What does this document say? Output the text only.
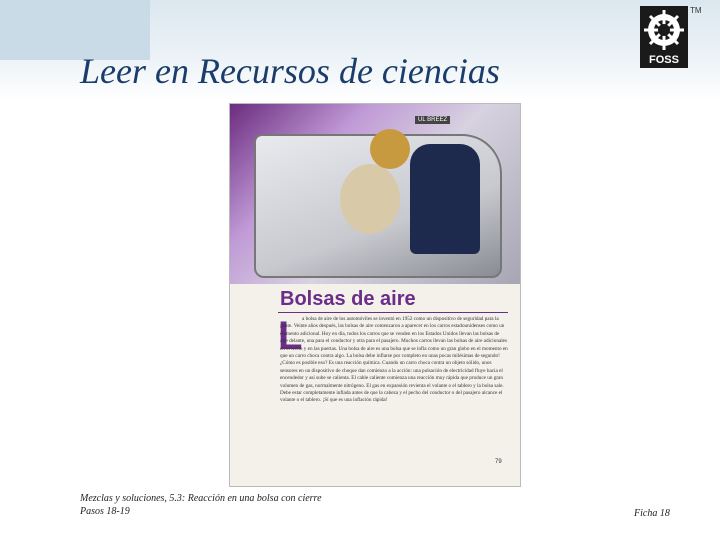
Leer en Recursos de ciencias	FOSS
TM
UL BREEZ
Bolsas de aire
L a bolsa de aire de los automóviles se inventó en 1952 como un dispositivo de seguridad para la gente. Veinte años después, las bolsas de aire comenzaron a aparecer en los carros estadounidenses como un elemento adicional. Hoy en día, todos los carros que se venden en los Estados Unidos llevan las bolsas de aire delante, una para el conductor y otra para el pasajero. Muchos carros llevan las bolsas de aire adicionales en el techo y en las puertas. Una bolsa de aire es una bolsa que se infla como un gran globo en el momento en que un carro choca contra algo. La bolsa debe inflarse por completo en unas pocas milésimas de segundo! ¿Cómo es posible eso? Es una reacción química. Cuando un carro choca contra un objeto sólido, unos sensores en un dispositivo de choque dan comienzo a la acción: una pulsación de electricidad fluye hacia el encendedor y así sube se calienta. El cable caliente comienza una reacción muy rápida que produce un gran volumen de gas, normalmente nitrógeno. El gas en expansión revienta el volante o el tablero y la bolsa sale. Debe estar completamente inflada antes de que la cabeza y el pecho del conductor o del pasajero alcance el volante o el tablero. ¡Sí que es una inflación rápida!
79
Mezclas y soluciones, 5.3: Reacción en una bolsa con cierre
Pasos 18-19	Ficha 18
